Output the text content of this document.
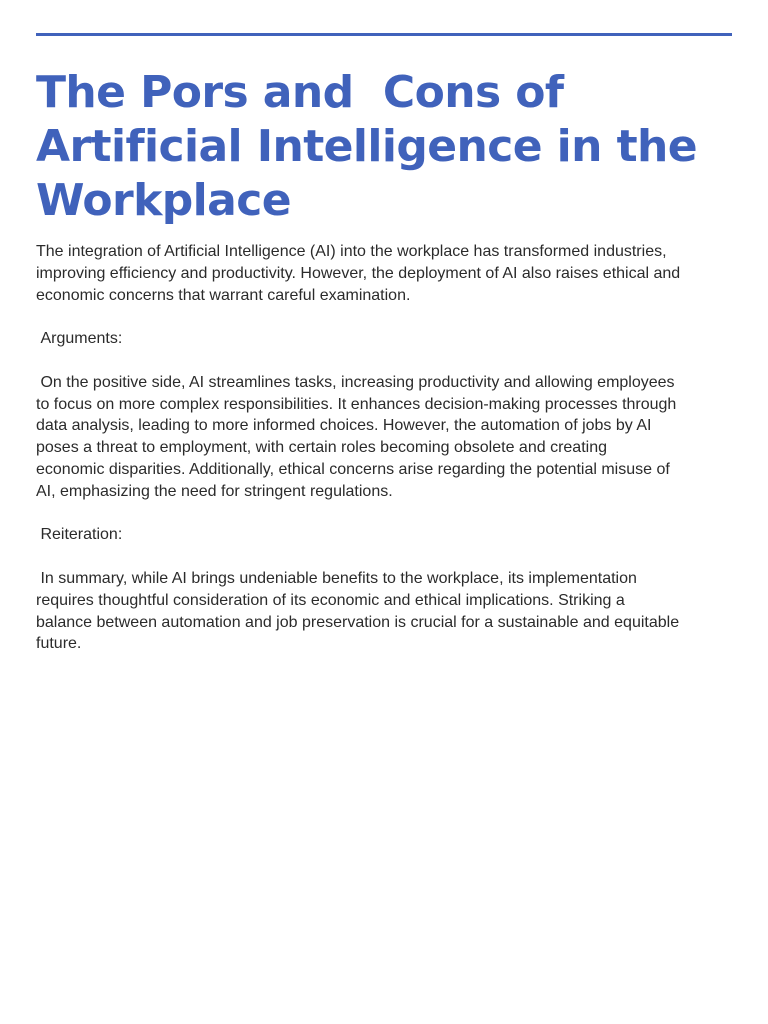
The Pors and  Cons of
Artificial Intelligence in the
Workplace

The integration of Artificial Intelligence (AI) into the workplace has transformed industries,
improving efficiency and productivity. However, the deployment of AI also raises ethical and
economic concerns that warrant careful examination.

Arguments:

On the positive side, AI streamlines tasks, increasing productivity and allowing employees
to focus on more complex responsibilities. It enhances decision-making processes through
data analysis, leading to more informed choices. However, the automation of jobs by AI
poses a threat to employment, with certain roles becoming obsolete and creating
economic disparities. Additionally, ethical concerns arise regarding the potential misuse of
AI, emphasizing the need for stringent regulations.

Reiteration:

In summary, while AI brings undeniable benefits to the workplace, its implementation
requires thoughtful consideration of its economic and ethical implications. Striking a
balance between automation and job preservation is crucial for a sustainable and equitable
future.
